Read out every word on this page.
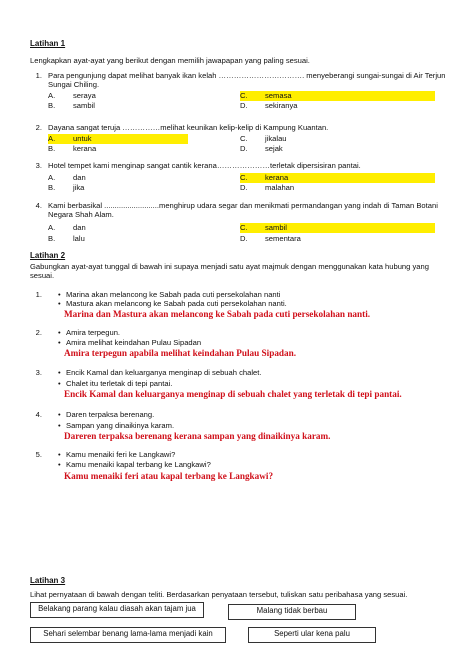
Latihan 1
Lengkapkan ayat-ayat yang berikut dengan memilih jawapapan yang paling sesuai.
1. Para pengunjung dapat melihat banyak ikan kelah ……………………………. menyeberangi sungai-sungai di Air Terjun Sungai Chiling.
A. seraya	C. semasa
B. sambil	D. sekiranya
2. Dayana sangat teruja ……………melihat keunikan kelip-kelip di Kampung Kuantan.
A. untuk	C. jikalau
B. kerana	D. sejak
3. Hotel tempet kami menginap sangat cantik kerana…………………terletak dipersisiran pantai.
A. dan	C. kerana
B. jika	D. malahan
4. Kami berbasikal ..........................menghirup udara segar dan menikmati permandangan yang indah di Taman Botani Negara Shah Alam.
A. dan	C. sambil
B. lalu	D. sementara
Latihan 2
Gabungkan ayat-ayat tunggal di bawah ini supaya menjadi satu ayat majmuk dengan menggunakan kata hubung yang sesuai.
1. • Marina akan melancong ke Sabah pada cuti persekolahan nanti
• Mastura akan melancong ke Sabah pada cuti persekolahan nanti.
Marina dan Mastura akan melancong ke Sabah pada cuti persekolahan nanti.
2. • Amira terpegun.
• Amira melihat keindahan Pulau Sipadan
Amira terpegun apabila melihat keindahan Pulau Sipadan.
3. • Encik Kamal dan keluarganya menginap di sebuah chalet.
• Chalet itu terletak di tepi pantai.
Encik Kamal dan keluarganya menginap di sebuah chalet yang terletak di tepi pantai.
4. • Daren terpaksa berenang.
• Sampan yang dinaikinya karam.
Dareren terpaksa berenang kerana sampan yang dinaikinya karam.
5. • Kamu menaiki feri ke Langkawi?
• Kamu menaiki kapal terbang ke Langkawi?
Kamu menaiki feri atau kapal terbang ke Langkawi?
Latihan 3
Lihat pernyataan di bawah dengan teliti. Berdasarkan penyataan tersebut, tuliskan satu peribahasa yang sesuai.
Belakang parang kalau diasah akan tajam jua	Malang tidak berbau
Sehari selembar benang lama-lama menjadi kain	Seperti ular kena palu
